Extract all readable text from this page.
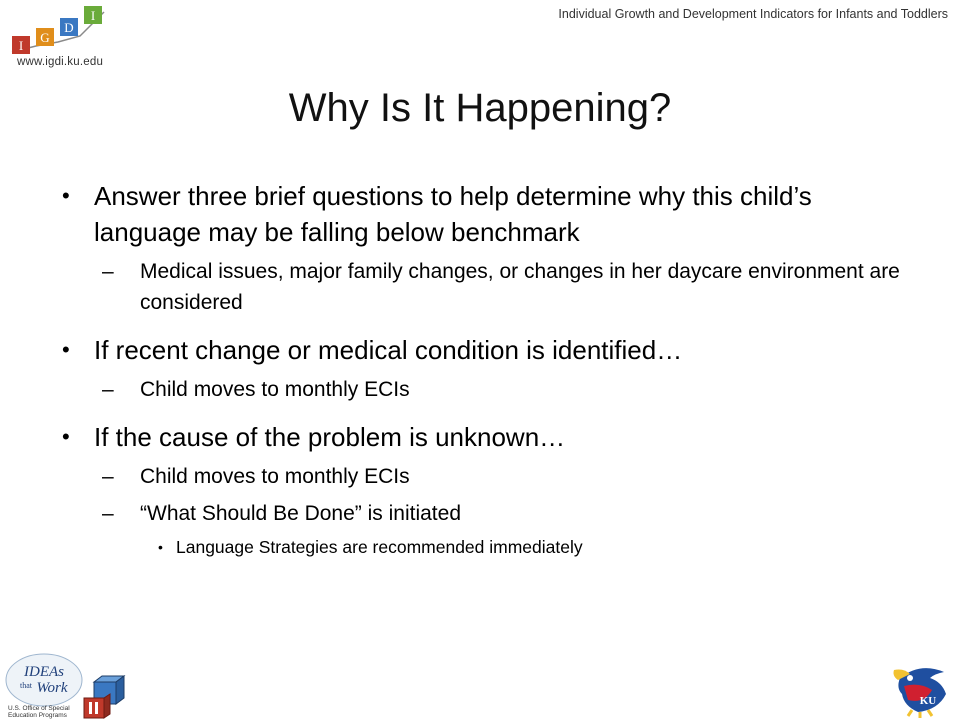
I
G
D
I
www.igdi.ku.edu
Individual Growth and Development Indicators for Infants and Toddlers
Why Is It Happening?
• Answer three brief questions to help determine why this child’s language may be falling below benchmark
– Medical issues, major family changes, or changes in her daycare environment are considered
• If recent change or medical condition is identified…
– Child moves to monthly ECIs
• If the cause of the problem is unknown…
– Child moves to monthly ECIs
– “What Should Be Done” is initiated
• Language Strategies are recommended immediately
IDEAs
that Work
U.S. Office of Special
Education Programs
KU
